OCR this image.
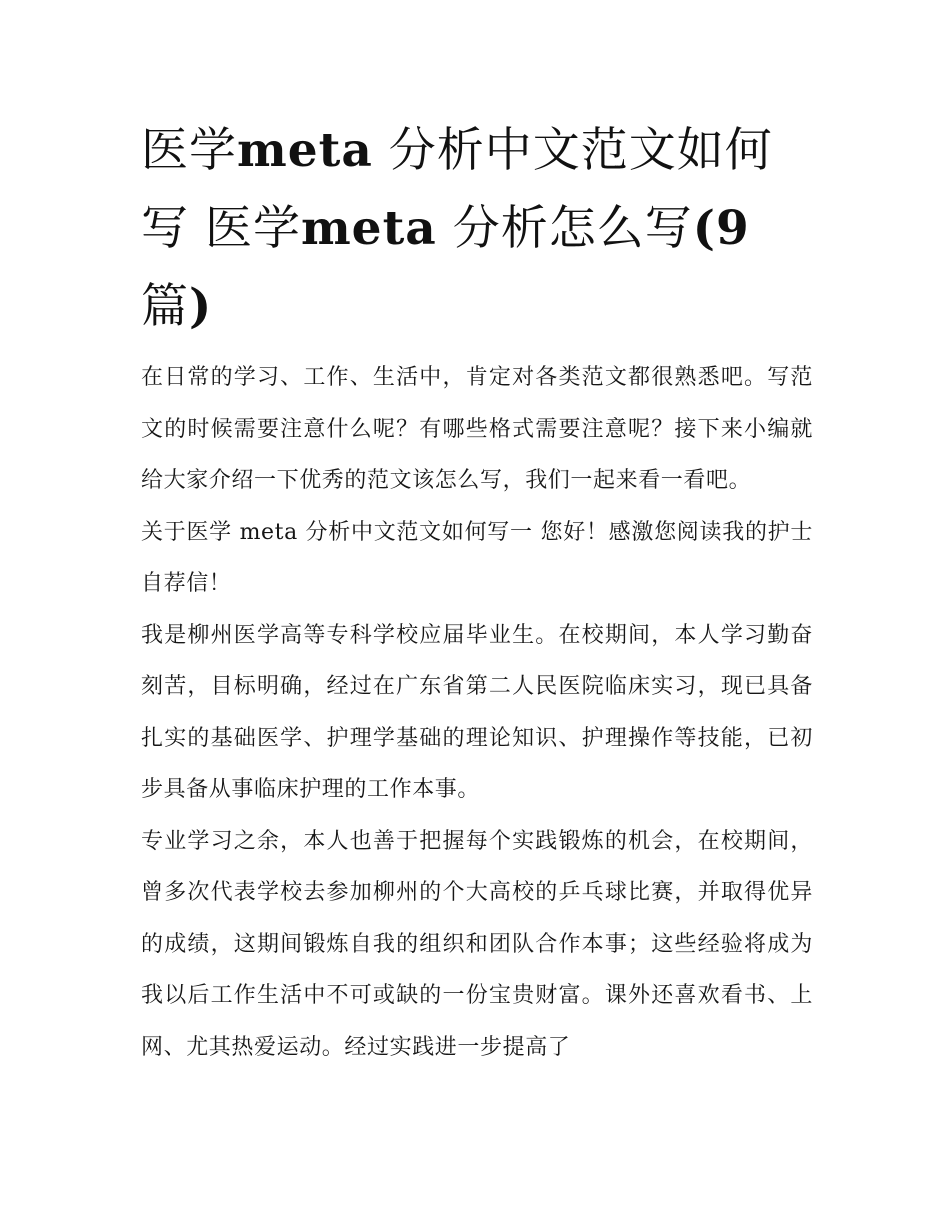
医学meta 分析中文范文如何写 医学meta 分析怎么写(9
篇)

在日常的学习、工作、生活中，肯定对各类范文都很熟悉吧。写范文的时候需要注意什么呢？有哪些格式需要注意呢？接下来小编就给大家介绍一下优秀的范文该怎么写，我们一起来看一看吧。

关于医学 meta 分析中文范文如何写一 您好！感激您阅读我的护士自荐信！

我是柳州医学高等专科学校应届毕业生。在校期间，本人学习勤奋刻苦，目标明确，经过在广东省第二人民医院临床实习，现已具备扎实的基础医学、护理学基础的理论知识、护理操作等技能，已初步具备从事临床护理的工作本事。

专业学习之余，本人也善于把握每个实践锻炼的机会，在校期间，曾多次代表学校去参加柳州的个大高校的乒乓球比赛，并取得优异的成绩，这期间锻炼自我的组织和团队合作本事；这些经验将成为我以后工作生活中不可或缺的一份宝贵财富。课外还喜欢看书、上网、尤其热爱运动。经过实践进一步提高了
